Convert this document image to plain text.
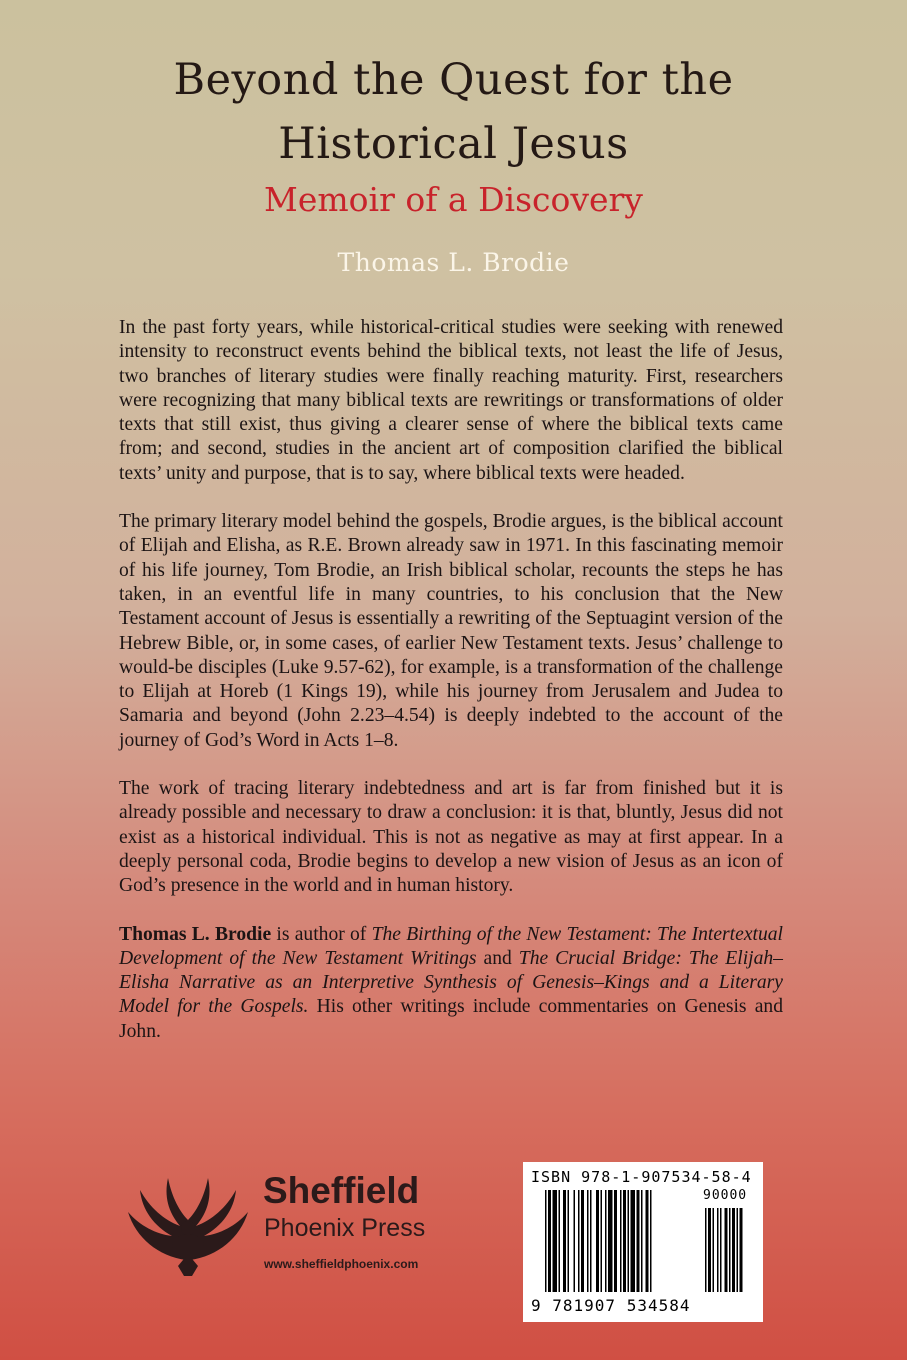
Beyond the Quest for the
Historical Jesus
Memoir of a Discovery
Thomas L. Brodie

In the past forty years, while historical-critical studies were seeking with renewed intensity to reconstruct events behind the biblical texts, not least the life of Jesus, two branches of literary studies were finally reaching maturity. First, researchers were recognizing that many biblical texts are rewritings or transformations of older texts that still exist, thus giving a clearer sense of where the biblical texts came from; and second, studies in the ancient art of composition clarified the biblical texts’ unity and purpose, that is to say, where biblical texts were headed.

The primary literary model behind the gospels, Brodie argues, is the biblical account of Elijah and Elisha, as R.E. Brown already saw in 1971. In this fascinating memoir of his life journey, Tom Brodie, an Irish biblical scholar, recounts the steps he has taken, in an eventful life in many countries, to his conclusion that the New Testament account of Jesus is essentially a rewriting of the Septuagint version of the Hebrew Bible, or, in some cases, of earlier New Testament texts. Jesus’ challenge to would-be disciples (Luke 9.57-62), for example, is a transformation of the challenge to Elijah at Horeb (1 Kings 19), while his journey from Jerusalem and Judea to Samaria and beyond (John 2.23–4.54) is deeply indebted to the account of the journey of God’s Word in Acts 1–8.

The work of tracing literary indebtedness and art is far from finished but it is already possible and necessary to draw a conclusion: it is that, bluntly, Jesus did not exist as a historical individual. This is not as negative as may at first appear. In a deeply personal coda, Brodie begins to develop a new vision of Jesus as an icon of God’s presence in the world and in human history.

Thomas L. Brodie is author of The Birthing of the New Testament: The Intertextual Development of the New Testament Writings and The Crucial Bridge: The Elijah–Elisha Narrative as an Interpretive Synthesis of Genesis–Kings and a Literary Model for the Gospels. His other writings include commentaries on Genesis and John.

Sheffield
Phoenix Press
www.sheffieldphoenix.com
ISBN 978-1-907534-58-4
90000
9 781907 534584
